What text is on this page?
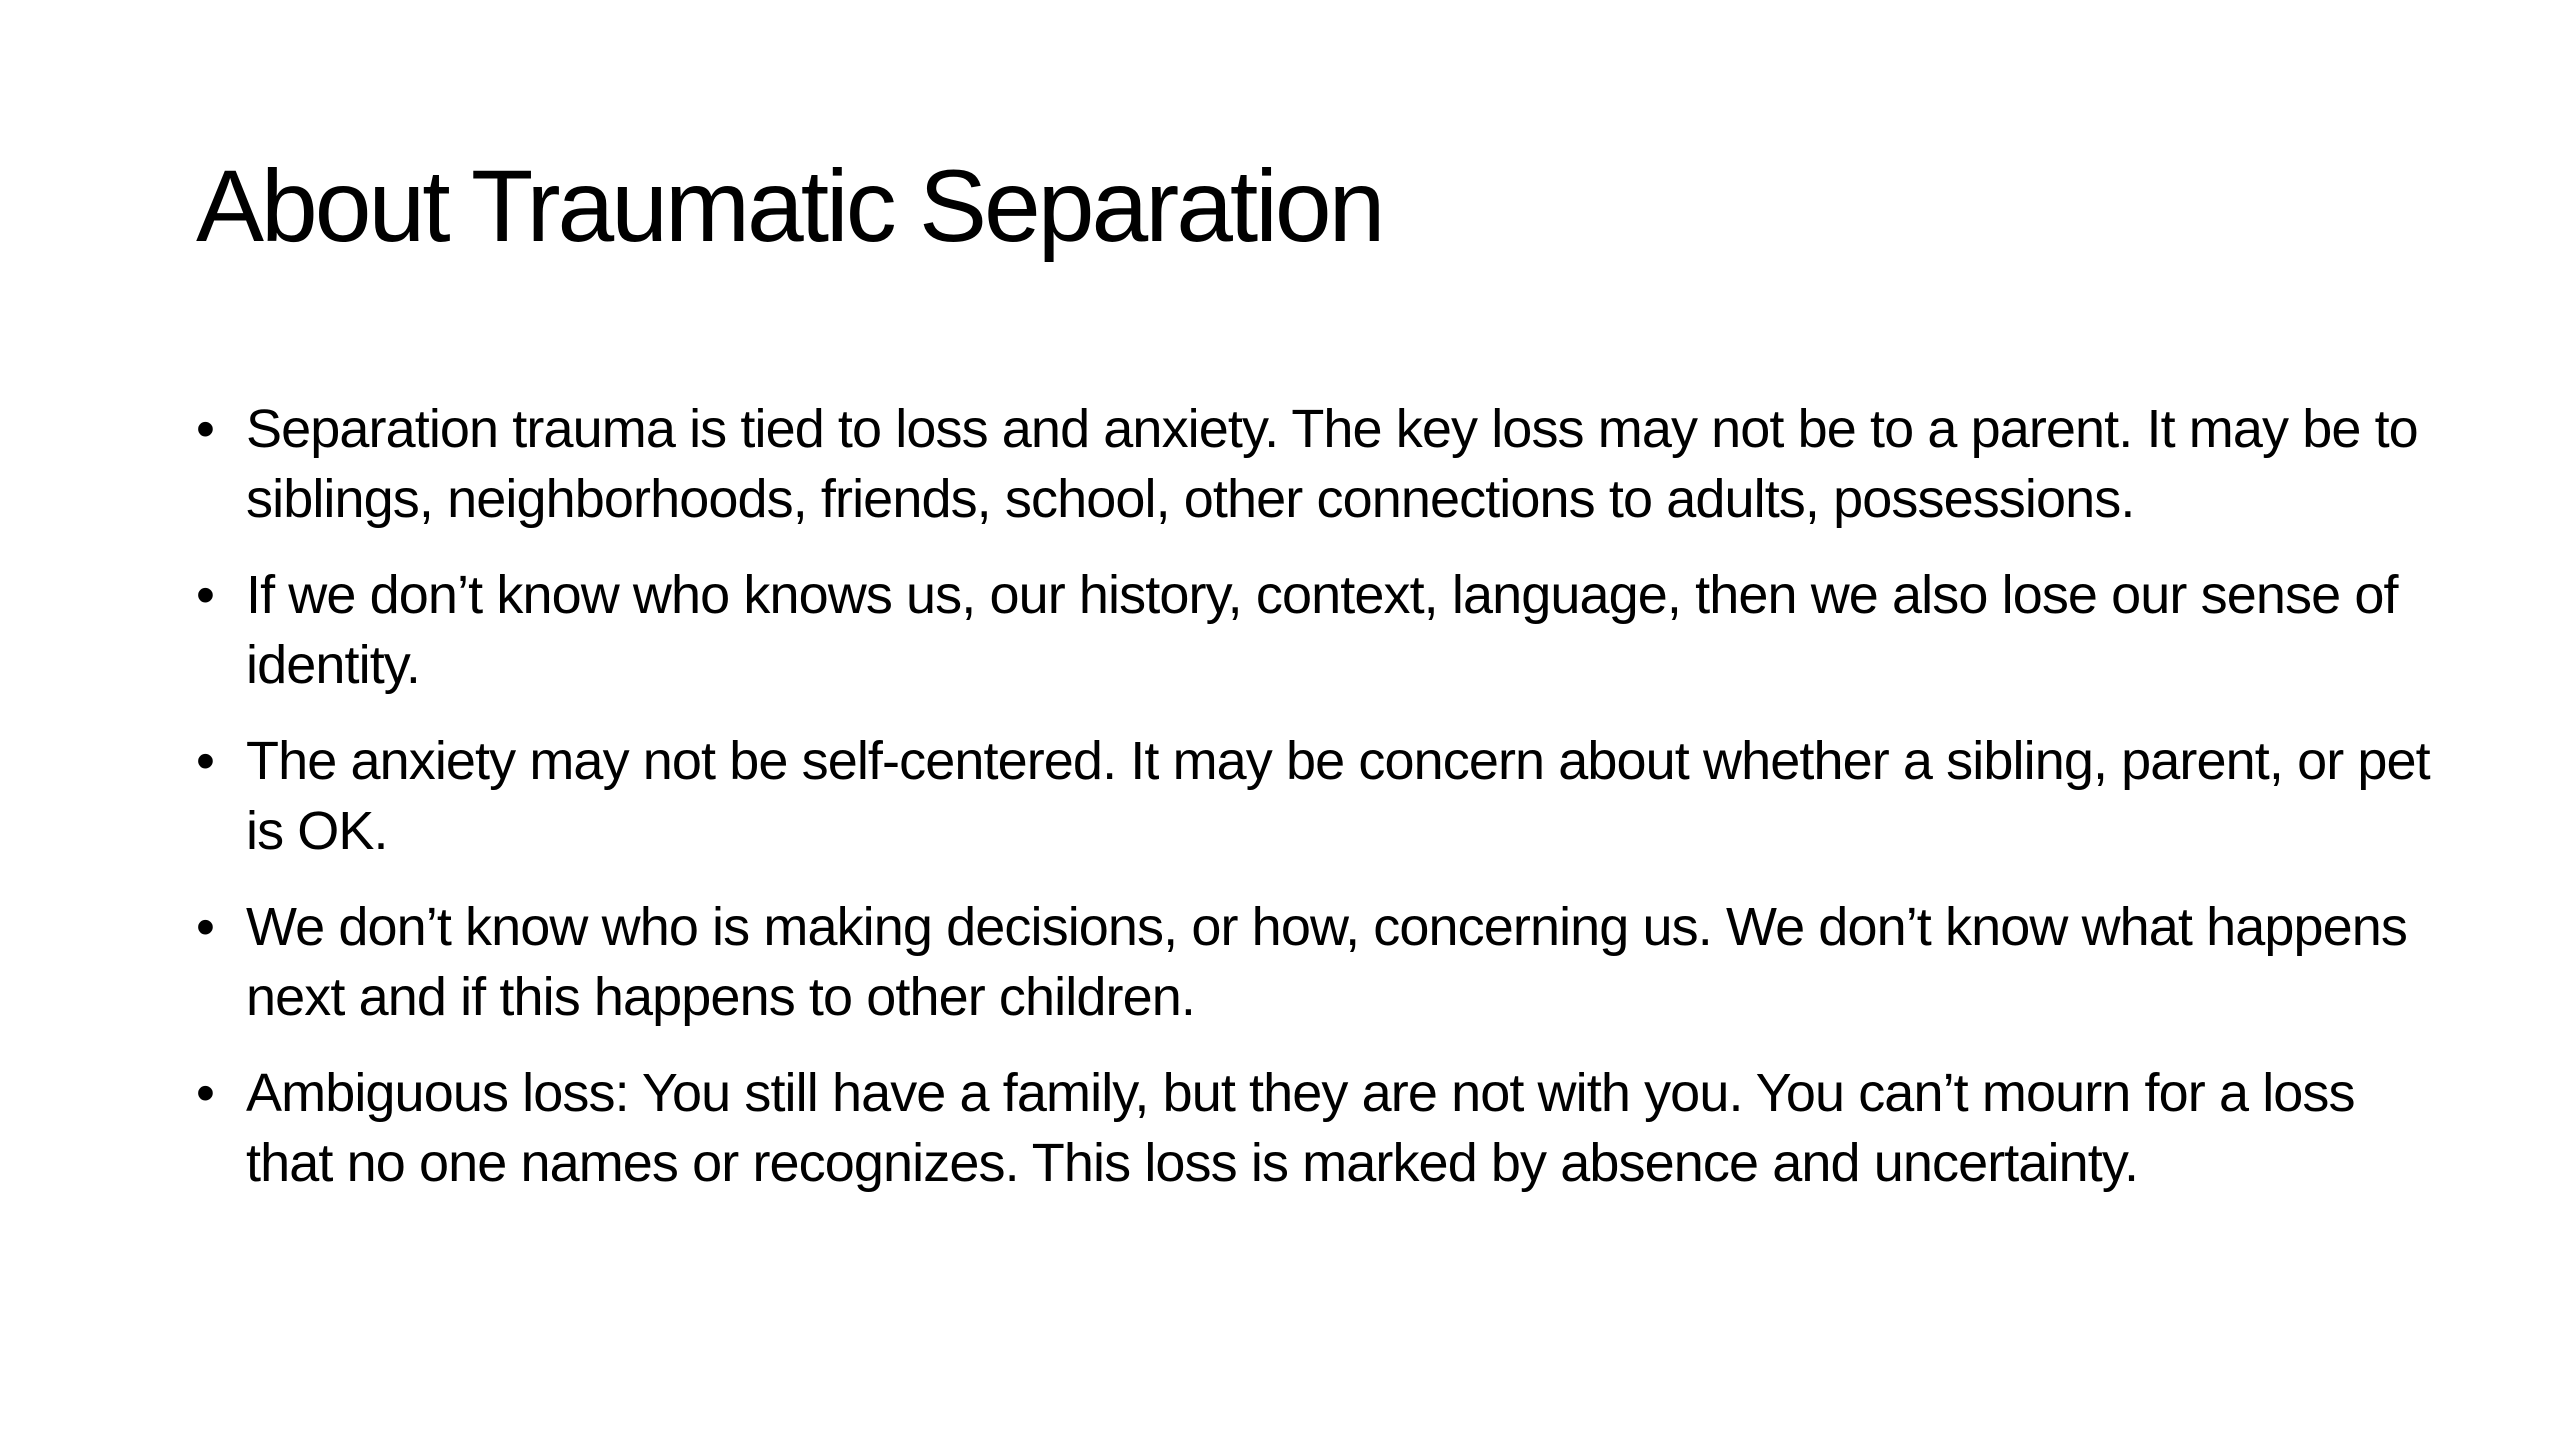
About Traumatic Separation
• Separation trauma is tied to loss and anxiety. The key loss may not be to a parent. It may be to siblings, neighborhoods, friends, school, other connections to adults, possessions.
• If we don’t know who knows us, our history, context, language, then we also lose our sense of identity.
• The anxiety may not be self-centered. It may be concern about whether a sibling, parent, or pet is OK.
• We don’t know who is making decisions, or how, concerning us. We don’t know what happens next and if this happens to other children.
• Ambiguous loss: You still have a family, but they are not with you. You can’t mourn for a loss that no one names or recognizes. This loss is marked by absence and uncertainty.
